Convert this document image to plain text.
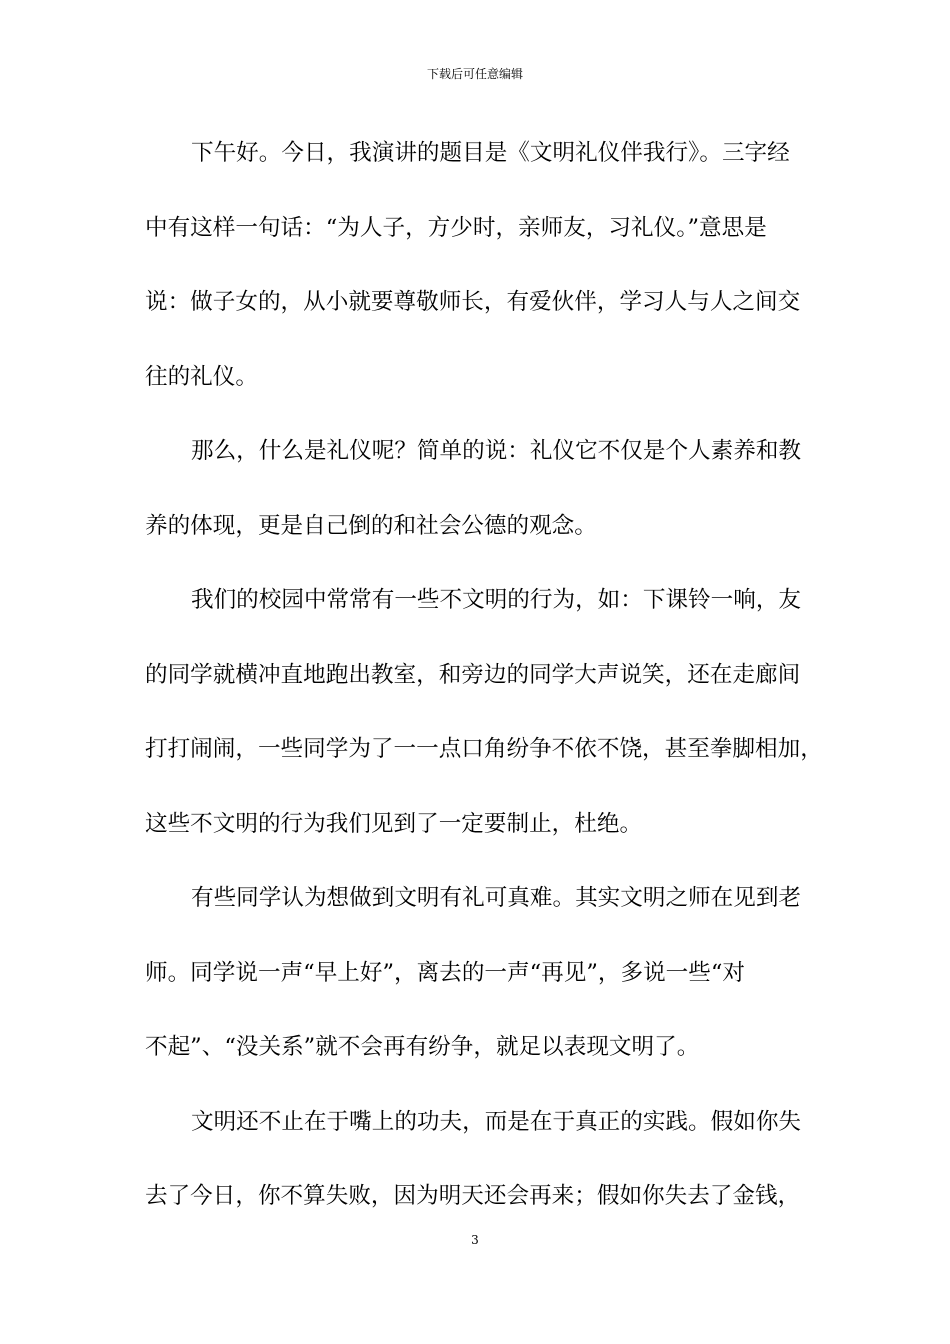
下载后可任意编辑
下午好。今日，我演讲的题目是《文明礼仪伴我行》。三字经
中有这样一句话：“为人子，方少时，亲师友，习礼仪。”意思是
说：做子女的，从小就要尊敬师长，有爱伙伴，学习人与人之间交
往的礼仪。
那么，什么是礼仪呢？简单的说：礼仪它不仅是个人素养和教
养的体现，更是自己倒的和社会公德的观念。
我们的校园中常常有一些不文明的行为，如：下课铃一响，友
的同学就横冲直地跑出教室，和旁边的同学大声说笑，还在走廊间
打打闹闹，一些同学为了一一点口角纷争不依不饶，甚至拳脚相加，
这些不文明的行为我们见到了一定要制止，杜绝。
有些同学认为想做到文明有礼可真难。其实文明之师在见到老
师。同学说一声“早上好”，离去的一声“再见”，多说一些“对
不起”、“没关系”就不会再有纷争，就足以表现文明了。
文明还不止在于嘴上的功夫，而是在于真正的实践。假如你失
去了今日，你不算失败，因为明天还会再来；假如你失去了金钱，
3
